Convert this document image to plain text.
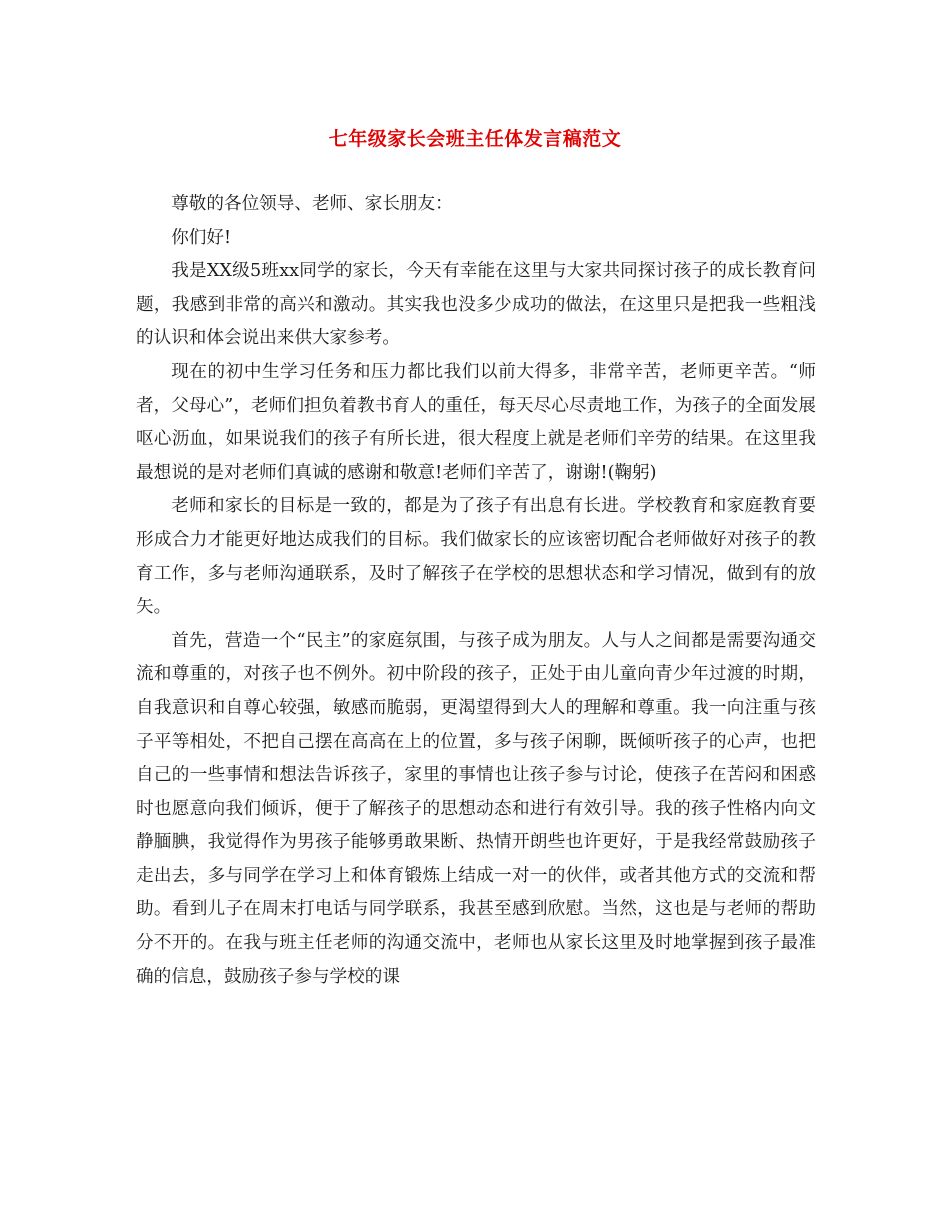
七年级家长会班主任体发言稿范文

尊敬的各位领导、老师、家长朋友：

你们好!

我是XX级5班xx同学的家长，今天有幸能在这里与大家共同探讨孩子的成长教育问题，我感到非常的高兴和激动。其实我也没多少成功的做法，在这里只是把我一些粗浅的认识和体会说出来供大家参考。

现在的初中生学习任务和压力都比我们以前大得多，非常辛苦，老师更辛苦。“师者，父母心”，老师们担负着教书育人的重任，每天尽心尽责地工作，为孩子的全面发展呕心沥血，如果说我们的孩子有所长进，很大程度上就是老师们辛劳的结果。在这里我最想说的是对老师们真诚的感谢和敬意!老师们辛苦了，谢谢!(鞠躬)

老师和家长的目标是一致的，都是为了孩子有出息有长进。学校教育和家庭教育要形成合力才能更好地达成我们的目标。我们做家长的应该密切配合老师做好对孩子的教育工作，多与老师沟通联系，及时了解孩子在学校的思想状态和学习情况，做到有的放矢。

首先，营造一个“民主”的家庭氛围，与孩子成为朋友。人与人之间都是需要沟通交流和尊重的，对孩子也不例外。初中阶段的孩子，正处于由儿童向青少年过渡的时期，自我意识和自尊心较强，敏感而脆弱，更渴望得到大人的理解和尊重。我一向注重与孩子平等相处，不把自己摆在高高在上的位置，多与孩子闲聊，既倾听孩子的心声，也把自己的一些事情和想法告诉孩子，家里的事情也让孩子参与讨论，使孩子在苦闷和困惑时也愿意向我们倾诉，便于了解孩子的思想动态和进行有效引导。我的孩子性格内向文静腼腆，我觉得作为男孩子能够勇敢果断、热情开朗些也许更好，于是我经常鼓励孩子走出去，多与同学在学习上和体育锻炼上结成一对一的伙伴，或者其他方式的交流和帮助。看到儿子在周末打电话与同学联系，我甚至感到欣慰。当然，这也是与老师的帮助分不开的。在我与班主任老师的沟通交流中，老师也从家长这里及时地掌握到孩子最准确的信息，鼓励孩子参与学校的课
